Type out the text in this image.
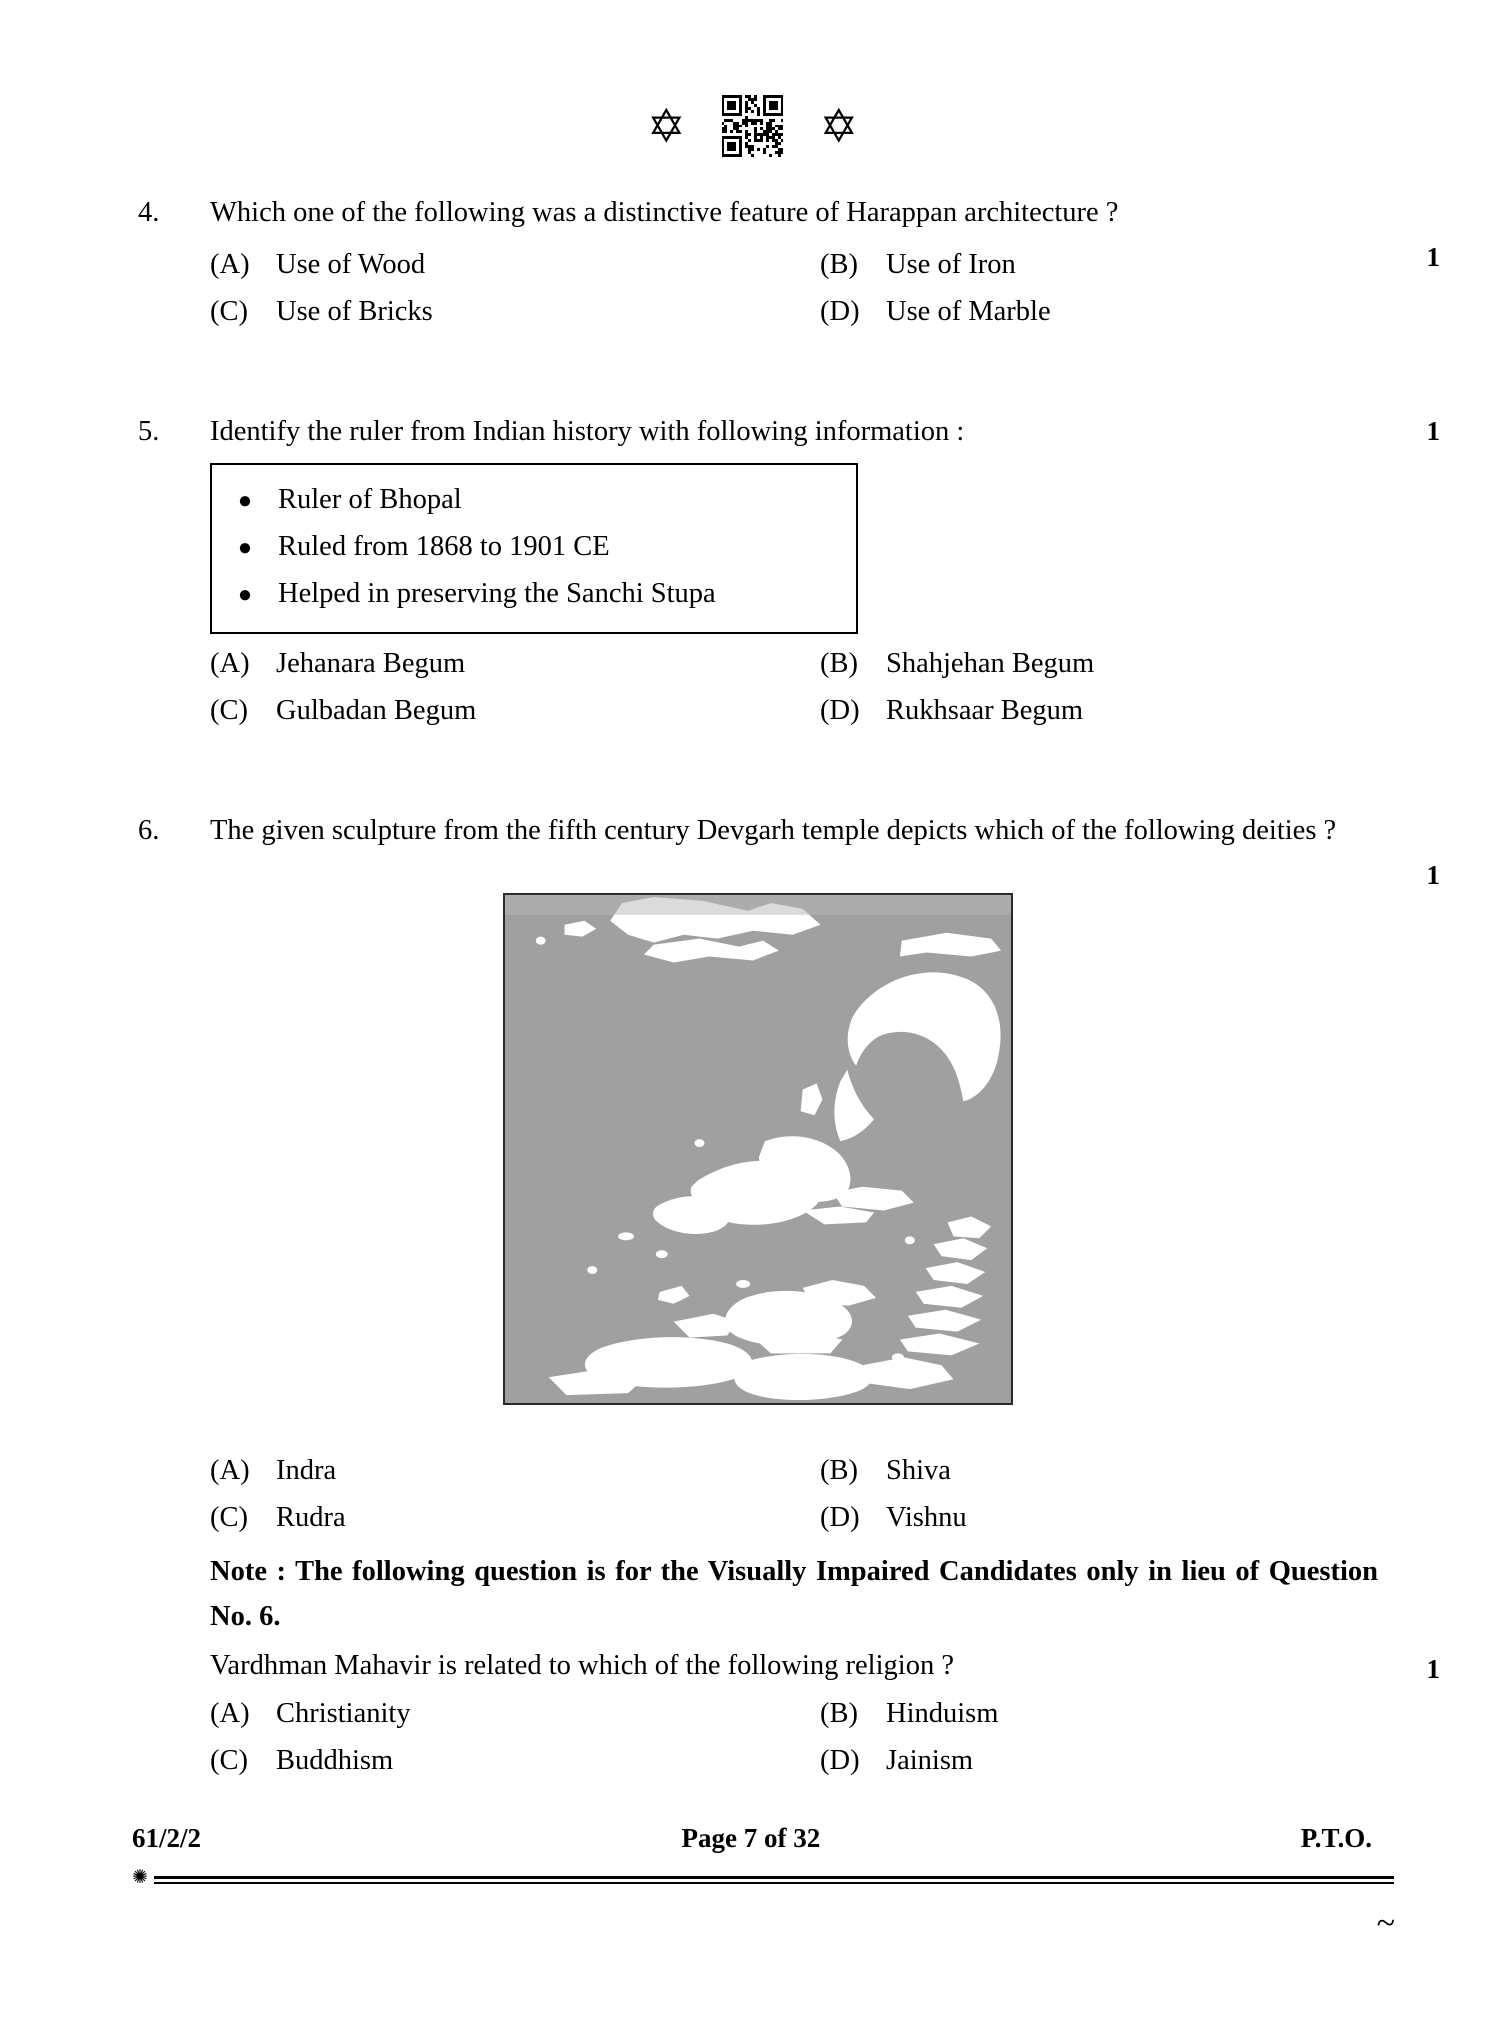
✡	✡
4.	Which one of the following was a distinctive feature of Harappan architecture ?
1
(A) Use of Wood	(B) Use of Iron
(C) Use of Bricks	(D) Use of Marble
5.	Identify the ruler from Indian history with following information :	1
● Ruler of Bhopal
● Ruled from 1868 to 1901 CE
● Helped in preserving the Sanchi Stupa
(A) Jehanara Begum	(B) Shahjehan Begum
(C) Gulbadan Begum	(D) Rukhsaar Begum
6.	The given sculpture from the fifth century Devgarh temple depicts which of the following deities ?
1
(A) Indra	(B) Shiva
(C) Rudra	(D) Vishnu
Note : The following question is for the Visually Impaired Candidates only in lieu of Question No. 6.
Vardhman Mahavir is related to which of the following religion ?	1
(A) Christianity	(B) Hinduism
(C) Buddhism	(D) Jainism
61/2/2	Page 7 of 32	P.T.O.
✺
~
